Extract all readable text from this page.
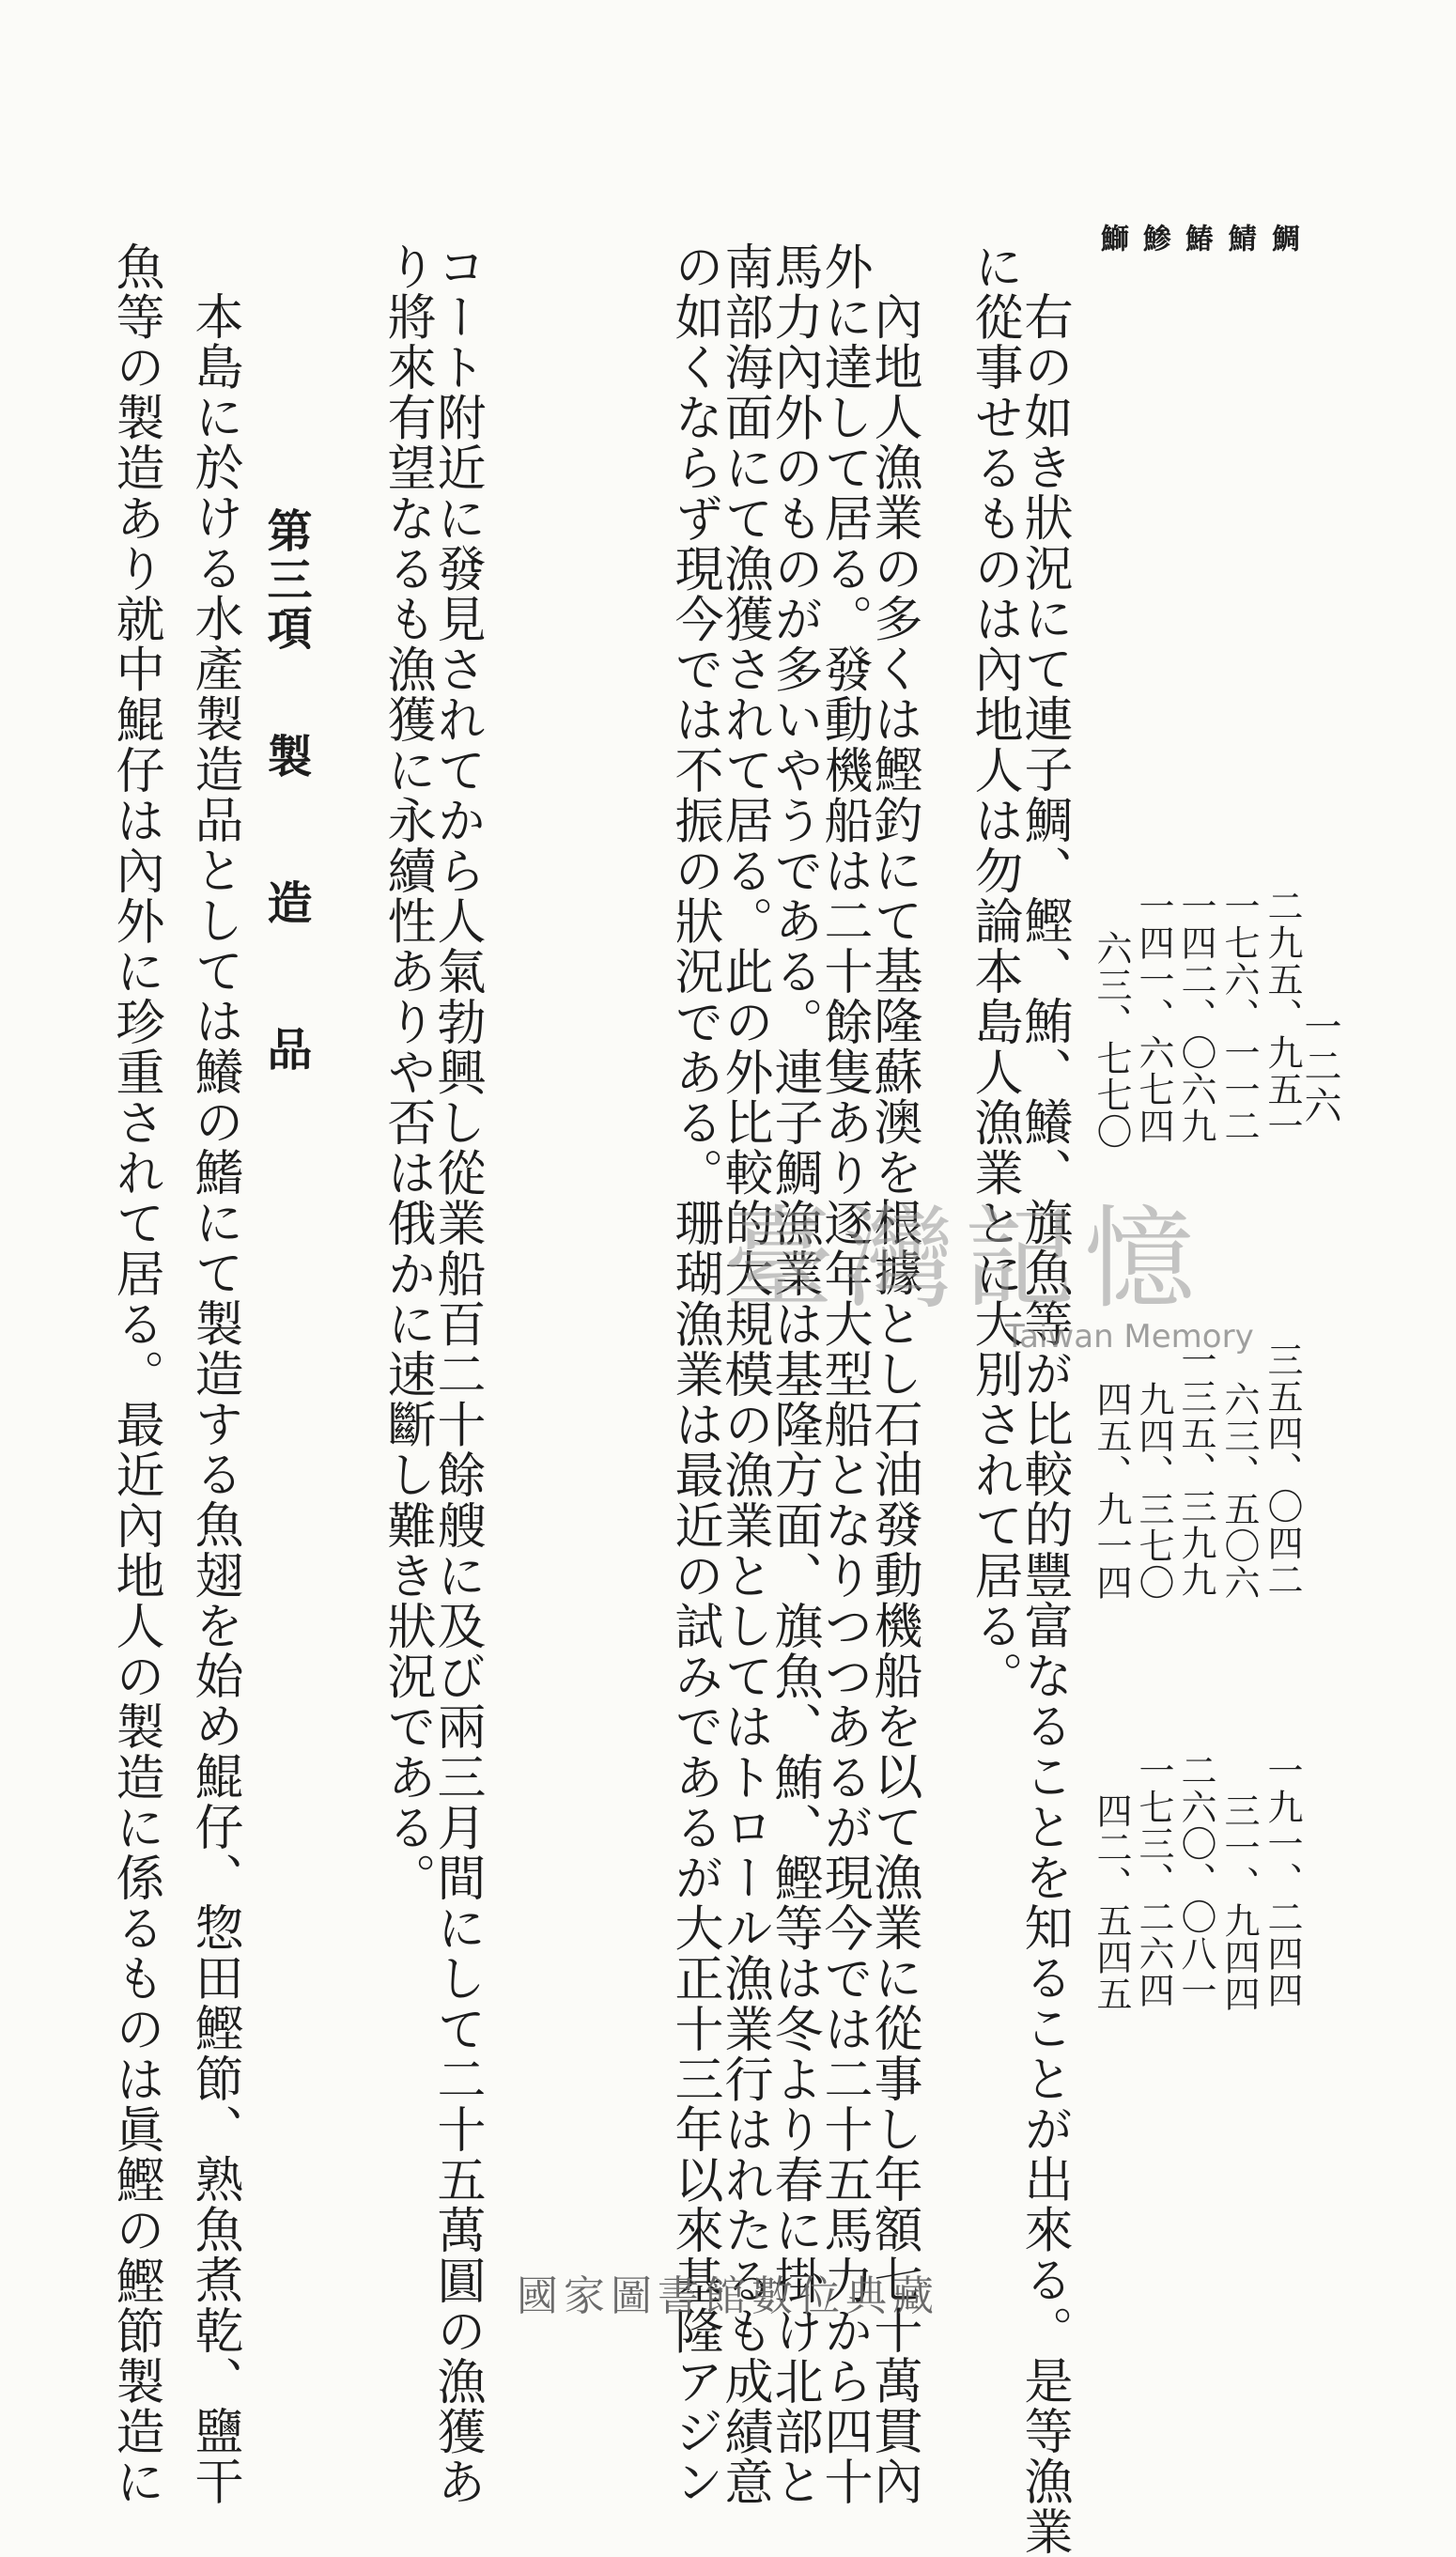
一二六
鯛
鯖
鰆
鯵
鰤
二九五、九五一
一七六、一一二
一四二、〇六九
一四一、六七四
六三、七七〇
三五四、〇四二
六三、五〇六
一三五、三九九
九四、三七〇
四五、九一四
一九一、二四四
三一、九四四
二六〇、〇八一
一七三、二六四
四二、五四五
右の如き狀況にて連子鯛、鰹、鮪、鱶、旗魚等が比較的豐富なることを知ることが出來る。是等漁業
に從事せるものは內地人は勿論本島人漁業とに大別されて居る。
內地人漁業の多くは鰹釣にて基隆蘇澳を根據とし石油發動機船を以て漁業に從事し年額七十萬貫內
外に達して居る。發動機船は二十餘隻あり逐年大型船となりつつあるが現今では二十五馬力から四十
馬力內外のものが多いやうである。連子鯛漁業は基隆方面、旗魚、鮪、鰹等は冬より春に掛け北部と
南部海面にて漁獲されて居る。此の外比較的大規模の漁業としてはトロール漁業行はれたるも成績意
の如くならず現今では不振の狀況である。珊瑚漁業は最近の試みであるが大正十三年以來基隆アジン
コート附近に發見されてから人氣勃興し從業船百二十餘艘に及び兩三月間にして二十五萬圓の漁獲あ
り將來有望なるも漁獲に永續性ありや否は俄かに速斷し難き狀況である。
第三項
製　造　品
本島に於ける水產製造品としては鱶の鰭にて製造する魚翅を始め鯤仔、惣田鰹節、熟魚煮乾、鹽干
魚等の製造あり就中鯤仔は內外に珍重されて居る。最近內地人の製造に係るものは眞鰹の鰹節製造に	臺灣記憶
Taiwan Memory
國家圖書館數位典藏
